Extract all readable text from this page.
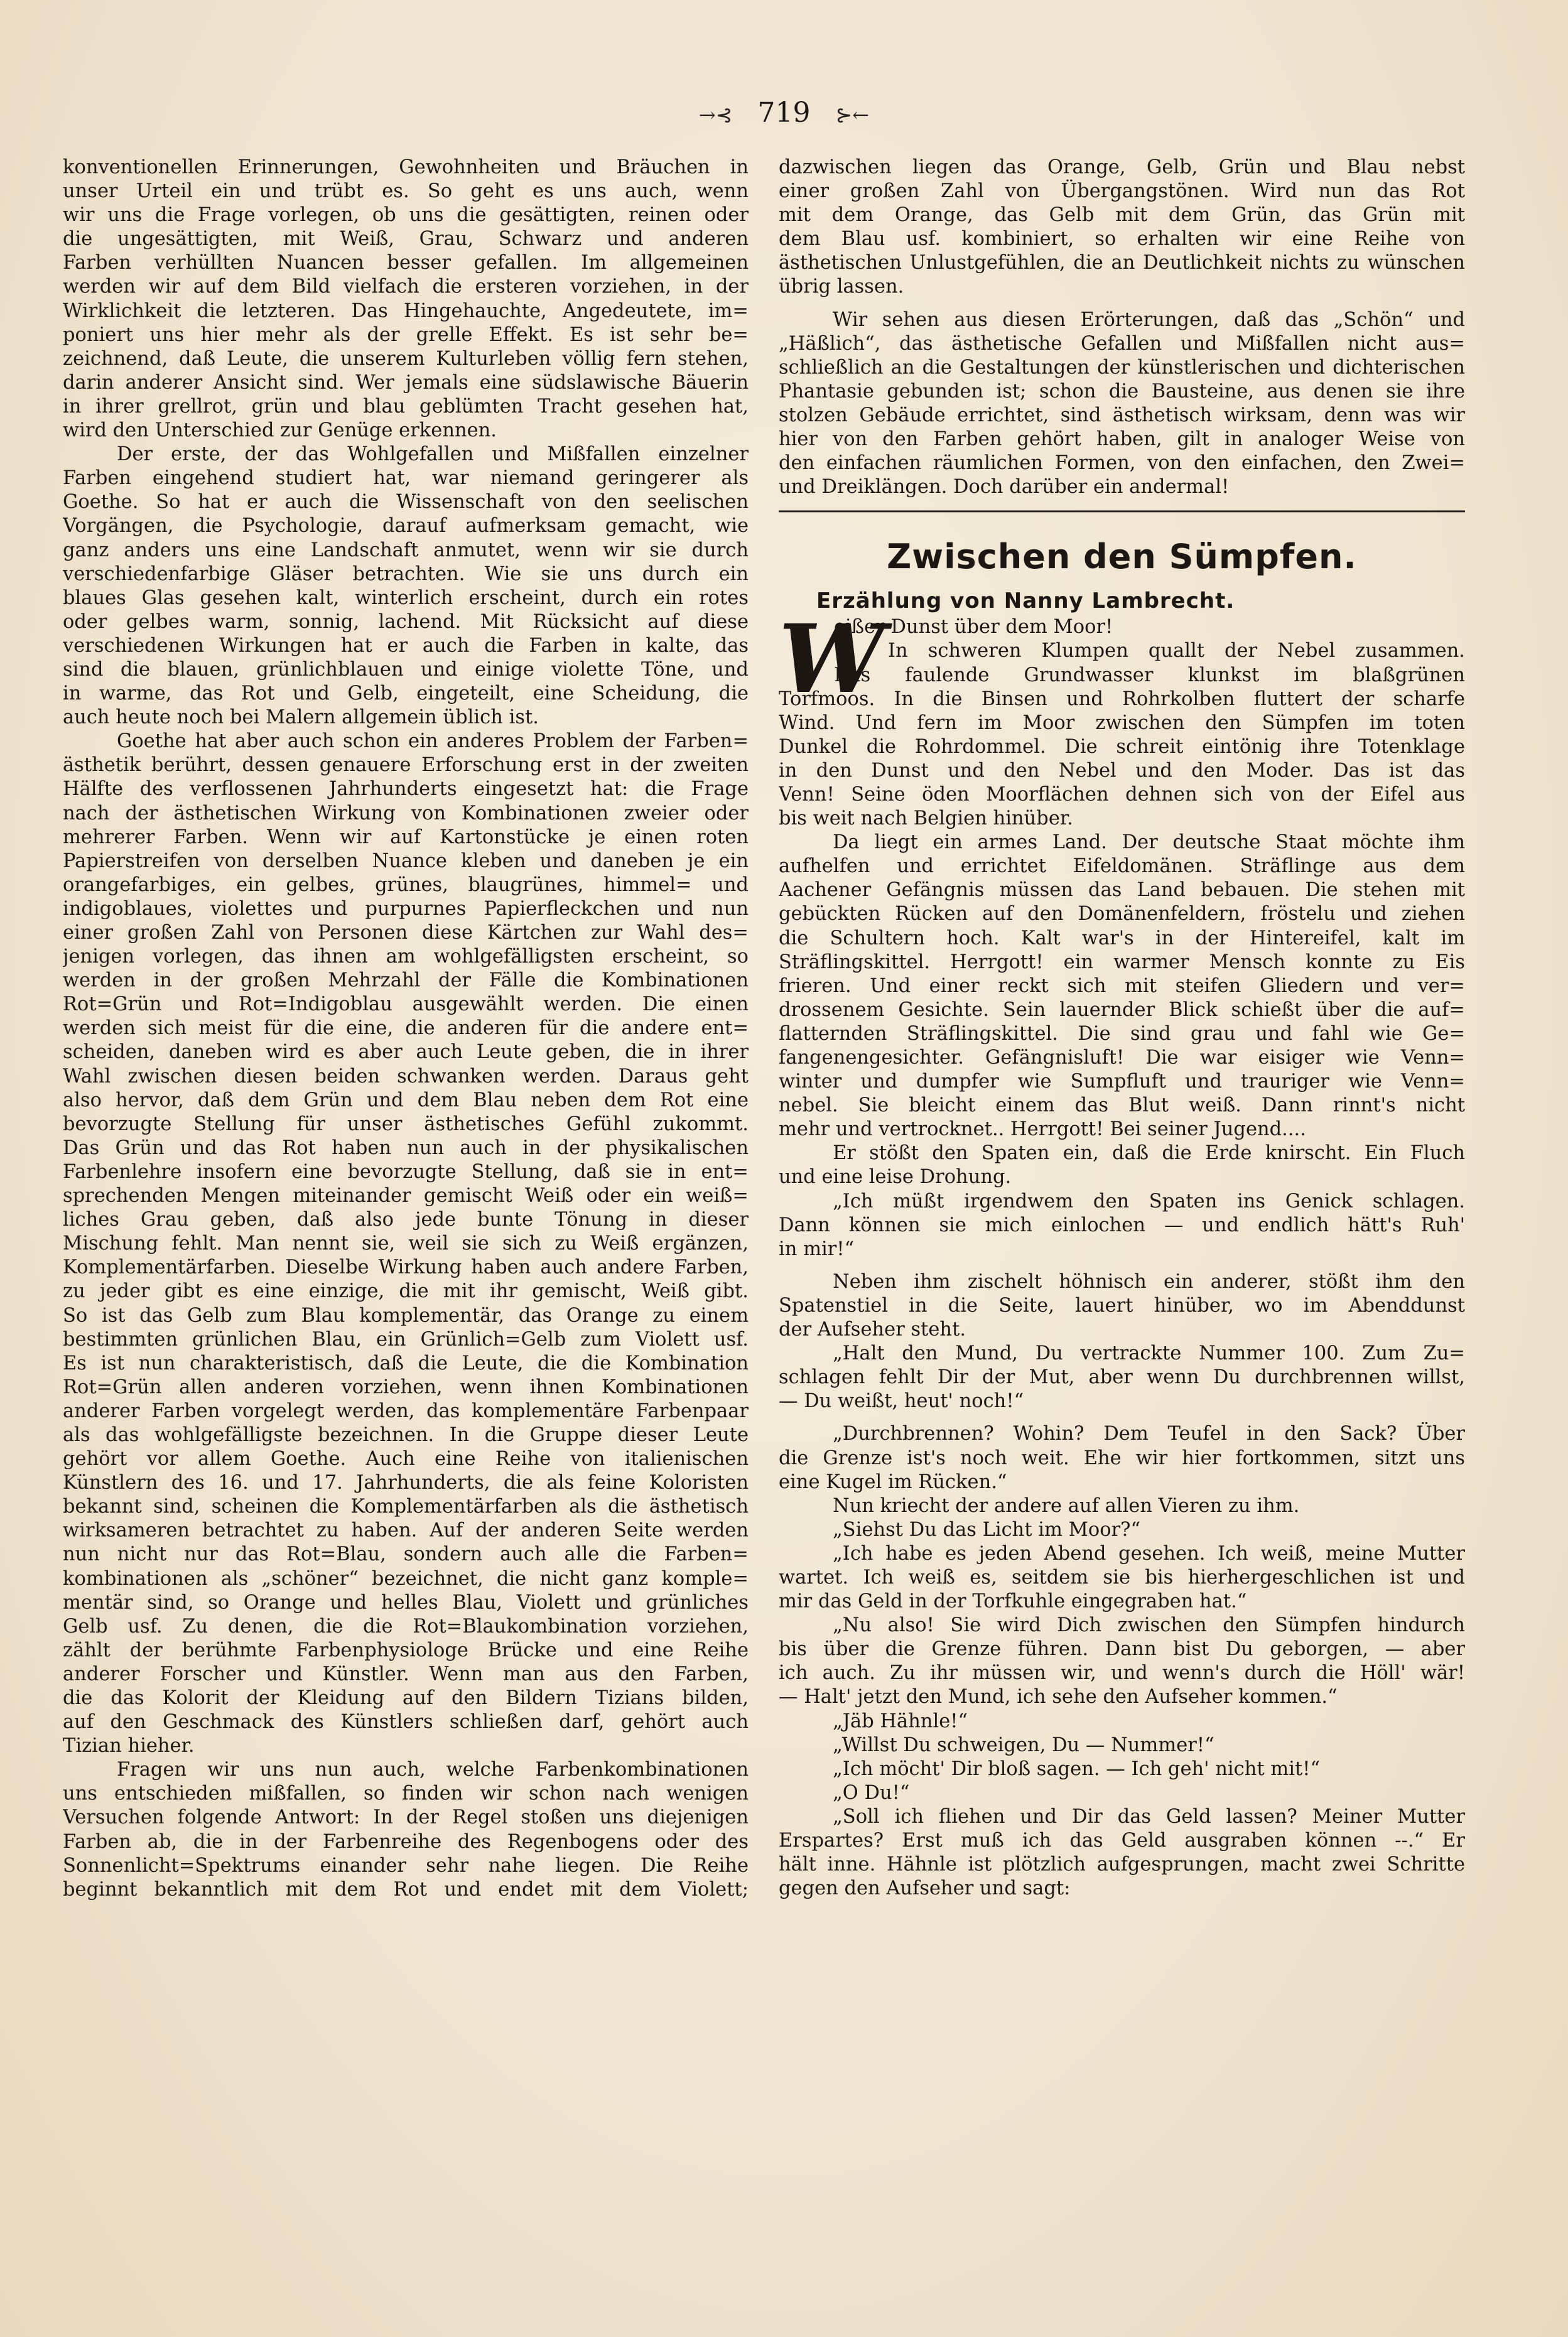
→⊰ 719 ⊱←
konventionellen Erinnerungen, Gewohnheiten und Bräuchen in
unser Urteil ein und trübt es. So geht es uns auch, wenn
wir uns die Frage vorlegen, ob uns die gesättigten, reinen oder
die ungesättigten, mit Weiß, Grau, Schwarz und anderen
Farben verhüllten Nuancen besser gefallen. Im allgemeinen
werden wir auf dem Bild vielfach die ersteren vorziehen, in der
Wirklichkeit die letzteren. Das Hingehauchte, Angedeutete, im=
poniert uns hier mehr als der grelle Effekt. Es ist sehr be=
zeichnend, daß Leute, die unserem Kulturleben völlig fern stehen,
darin anderer Ansicht sind. Wer jemals eine südslawische Bäuerin
in ihrer grellrot, grün und blau geblümten Tracht gesehen hat,
wird den Unterschied zur Genüge erkennen.
Der erste, der das Wohlgefallen und Mißfallen einzelner
Farben eingehend studiert hat, war niemand geringerer als
Goethe. So hat er auch die Wissenschaft von den seelischen
Vorgängen, die Psychologie, darauf aufmerksam gemacht, wie
ganz anders uns eine Landschaft anmutet, wenn wir sie durch
verschiedenfarbige Gläser betrachten. Wie sie uns durch ein
blaues Glas gesehen kalt, winterlich erscheint, durch ein rotes
oder gelbes warm, sonnig, lachend. Mit Rücksicht auf diese
verschiedenen Wirkungen hat er auch die Farben in kalte, das
sind die blauen, grünlichblauen und einige violette Töne, und
in warme, das Rot und Gelb, eingeteilt, eine Scheidung, die
auch heute noch bei Malern allgemein üblich ist.
Goethe hat aber auch schon ein anderes Problem der Farben=
ästhetik berührt, dessen genauere Erforschung erst in der zweiten
Hälfte des verflossenen Jahrhunderts eingesetzt hat: die Frage
nach der ästhetischen Wirkung von Kombinationen zweier oder
mehrerer Farben. Wenn wir auf Kartonstücke je einen roten
Papierstreifen von derselben Nuance kleben und daneben je ein
orangefarbiges, ein gelbes, grünes, blaugrünes, himmel= und
indigoblaues, violettes und purpurnes Papierfleckchen und nun
einer großen Zahl von Personen diese Kärtchen zur Wahl des=
jenigen vorlegen, das ihnen am wohlgefälligsten erscheint, so
werden in der großen Mehrzahl der Fälle die Kombinationen
Rot=Grün und Rot=Indigoblau ausgewählt werden. Die einen
werden sich meist für die eine, die anderen für die andere ent=
scheiden, daneben wird es aber auch Leute geben, die in ihrer
Wahl zwischen diesen beiden schwanken werden. Daraus geht
also hervor, daß dem Grün und dem Blau neben dem Rot eine
bevorzugte Stellung für unser ästhetisches Gefühl zukommt.
Das Grün und das Rot haben nun auch in der physikalischen
Farbenlehre insofern eine bevorzugte Stellung, daß sie in ent=
sprechenden Mengen miteinander gemischt Weiß oder ein weiß=
liches Grau geben, daß also jede bunte Tönung in dieser
Mischung fehlt. Man nennt sie, weil sie sich zu Weiß ergänzen,
Komplementärfarben. Dieselbe Wirkung haben auch andere Farben,
zu jeder gibt es eine einzige, die mit ihr gemischt, Weiß gibt.
So ist das Gelb zum Blau komplementär, das Orange zu einem
bestimmten grünlichen Blau, ein Grünlich=Gelb zum Violett usf.
Es ist nun charakteristisch, daß die Leute, die die Kombination
Rot=Grün allen anderen vorziehen, wenn ihnen Kombinationen
anderer Farben vorgelegt werden, das komplementäre Farbenpaar
als das wohlgefälligste bezeichnen. In die Gruppe dieser Leute
gehört vor allem Goethe. Auch eine Reihe von italienischen
Künstlern des 16. und 17. Jahrhunderts, die als feine Koloristen
bekannt sind, scheinen die Komplementärfarben als die ästhetisch
wirksameren betrachtet zu haben. Auf der anderen Seite werden
nun nicht nur das Rot=Blau, sondern auch alle die Farben=
kombinationen als „schöner“ bezeichnet, die nicht ganz komple=
mentär sind, so Orange und helles Blau, Violett und grünliches
Gelb usf. Zu denen, die die Rot=Blaukombination vorziehen,
zählt der berühmte Farbenphysiologe Brücke und eine Reihe
anderer Forscher und Künstler. Wenn man aus den Farben,
die das Kolorit der Kleidung auf den Bildern Tizians bilden,
auf den Geschmack des Künstlers schließen darf, gehört auch
Tizian hieher.
Fragen wir uns nun auch, welche Farbenkombinationen
uns entschieden mißfallen, so finden wir schon nach wenigen
Versuchen folgende Antwort: In der Regel stoßen uns diejenigen
Farben ab, die in der Farbenreihe des Regenbogens oder des
Sonnenlicht=Spektrums einander sehr nahe liegen. Die Reihe
beginnt bekanntlich mit dem Rot und endet mit dem Violett;
dazwischen liegen das Orange, Gelb, Grün und Blau nebst
einer großen Zahl von Übergangstönen. Wird nun das Rot
mit dem Orange, das Gelb mit dem Grün, das Grün mit
dem Blau usf. kombiniert, so erhalten wir eine Reihe von
ästhetischen Unlustgefühlen, die an Deutlichkeit nichts zu wünschen
übrig lassen.
Wir sehen aus diesen Erörterungen, daß das „Schön“ und
„Häßlich“, das ästhetische Gefallen und Mißfallen nicht aus=
schließlich an die Gestaltungen der künstlerischen und dichterischen
Phantasie gebunden ist; schon die Bausteine, aus denen sie ihre
stolzen Gebäude errichtet, sind ästhetisch wirksam, denn was wir
hier von den Farben gehört haben, gilt in analoger Weise von
den einfachen räumlichen Formen, von den einfachen, den Zwei=
und Dreiklängen. Doch darüber ein andermal!
Zwischen den Sümpfen.
Erzählung von Nanny Lambrecht.
W
eißer Dunst über dem Moor!
In schweren Klumpen quallt der Nebel zusammen.
Das faulende Grundwasser klunkst im blaßgrünen
Torfmoos. In die Binsen und Rohrkolben fluttert der scharfe
Wind. Und fern im Moor zwischen den Sümpfen im toten
Dunkel die Rohrdommel. Die schreit eintönig ihre Totenklage
in den Dunst und den Nebel und den Moder. Das ist das
Venn! Seine öden Moorflächen dehnen sich von der Eifel aus
bis weit nach Belgien hinüber.
Da liegt ein armes Land. Der deutsche Staat möchte ihm
aufhelfen und errichtet Eifeldomänen. Sträflinge aus dem
Aachener Gefängnis müssen das Land bebauen. Die stehen mit
gebückten Rücken auf den Domänenfeldern, fröstelu und ziehen
die Schultern hoch. Kalt war's in der Hintereifel, kalt im
Sträflingskittel. Herrgott! ein warmer Mensch konnte zu Eis
frieren. Und einer reckt sich mit steifen Gliedern und ver=
drossenem Gesichte. Sein lauernder Blick schießt über die auf=
flatternden Sträflingskittel. Die sind grau und fahl wie Ge=
fangenengesichter. Gefängnisluft! Die war eisiger wie Venn=
winter und dumpfer wie Sumpfluft und trauriger wie Venn=
nebel. Sie bleicht einem das Blut weiß. Dann rinnt's nicht
mehr und vertrocknet.. Herrgott! Bei seiner Jugend....
Er stößt den Spaten ein, daß die Erde knirscht. Ein Fluch
und eine leise Drohung.
„Ich müßt irgendwem den Spaten ins Genick schlagen.
Dann können sie mich einlochen — und endlich hätt's Ruh'
in mir!“
Neben ihm zischelt höhnisch ein anderer, stößt ihm den
Spatenstiel in die Seite, lauert hinüber, wo im Abenddunst
der Aufseher steht.
„Halt den Mund, Du vertrackte Nummer 100. Zum Zu=
schlagen fehlt Dir der Mut, aber wenn Du durchbrennen willst,
— Du weißt, heut' noch!“
„Durchbrennen? Wohin? Dem Teufel in den Sack? Über
die Grenze ist's noch weit. Ehe wir hier fortkommen, sitzt uns
eine Kugel im Rücken.“
Nun kriecht der andere auf allen Vieren zu ihm.
„Siehst Du das Licht im Moor?“
„Ich habe es jeden Abend gesehen. Ich weiß, meine Mutter
wartet. Ich weiß es, seitdem sie bis hierhergeschlichen ist und
mir das Geld in der Torfkuhle eingegraben hat.“
„Nu also! Sie wird Dich zwischen den Sümpfen hindurch
bis über die Grenze führen. Dann bist Du geborgen, — aber
ich auch. Zu ihr müssen wir, und wenn's durch die Höll' wär!
— Halt' jetzt den Mund, ich sehe den Aufseher kommen.“
„Jäb Hähnle!“
„Willst Du schweigen, Du — Nummer!“
„Ich möcht' Dir bloß sagen. — Ich geh' nicht mit!“
„O Du!“
„Soll ich fliehen und Dir das Geld lassen? Meiner Mutter
Erspartes? Erst muß ich das Geld ausgraben können --.“ Er
hält inne. Hähnle ist plötzlich aufgesprungen, macht zwei Schritte
gegen den Aufseher und sagt:
